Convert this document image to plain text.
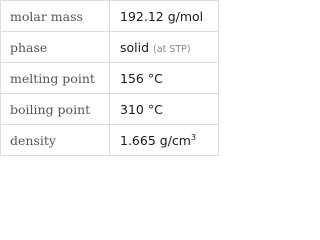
molar mass	192.12 g/mol
phase	solid (at STP)
melting point	156 °C
boiling point	310 °C
density	1.665 $g/cm^3$
